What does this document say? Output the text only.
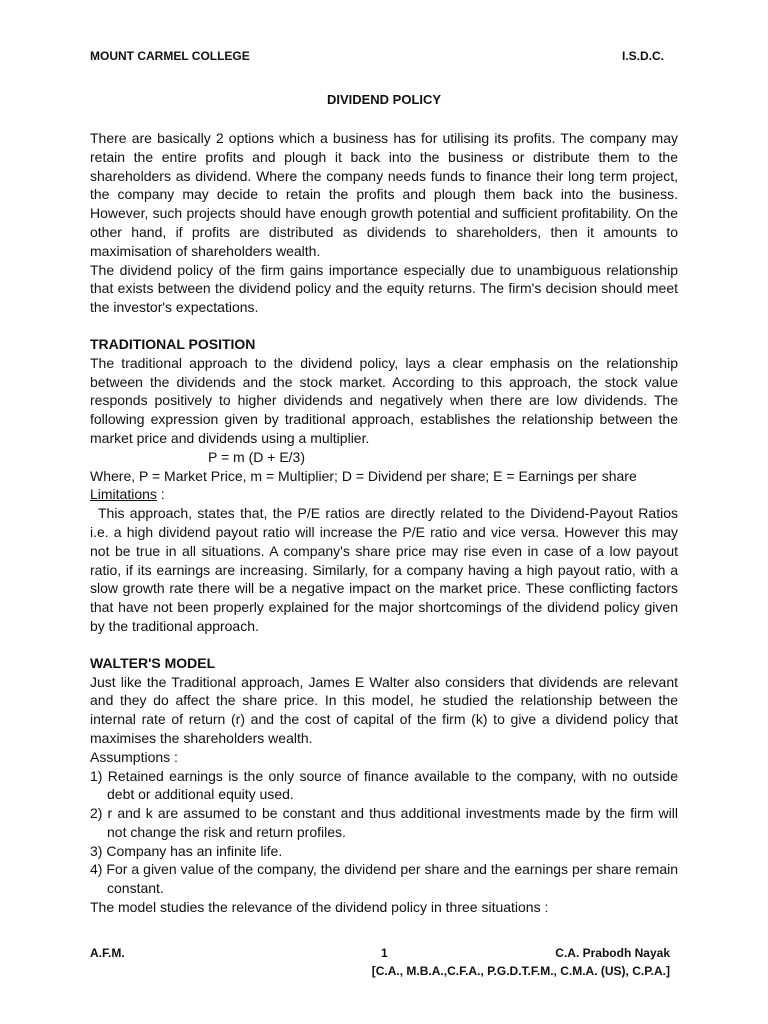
MOUNT CARMEL COLLEGE	I.S.D.C.
DIVIDEND POLICY

There are basically 2 options which a business has for utilising its profits. The company may retain the entire profits and plough it back into the business or distribute them to the shareholders as dividend. Where the company needs funds to finance their long term project, the company may decide to retain the profits and plough them back into the business. However, such projects should have enough growth potential and sufficient profitability. On the other hand, if profits are distributed as dividends to shareholders, then it amounts to maximisation of shareholders wealth.

The dividend policy of the firm gains importance especially due to unambiguous relationship that exists between the dividend policy and the equity returns. The firm's decision should meet the investor's expectations.

TRADITIONAL POSITION

The traditional approach to the dividend policy, lays a clear emphasis on the relationship between the dividends and the stock market. According to this approach, the stock value responds positively to higher dividends and negatively when there are low dividends. The following expression given by traditional approach, establishes the relationship between the market price and dividends using a multiplier.

P = m (D + E/3)

Where, P = Market Price, m = Multiplier; D = Dividend per share; E = Earnings per share

Limitations :

This approach, states that, the P/E ratios are directly related to the Dividend-Payout Ratios i.e. a high dividend payout ratio will increase the P/E ratio and vice versa. However this may not be true in all situations. A company's share price may rise even in case of a low payout ratio, if its earnings are increasing. Similarly, for a company having a high payout ratio, with a slow growth rate there will be a negative impact on the market price. These conflicting factors that have not been properly explained for the major shortcomings of the dividend policy given by the traditional approach.

WALTER'S MODEL

Just like the Traditional approach, James E Walter also considers that dividends are relevant and they do affect the share price. In this model, he studied the relationship between the internal rate of return (r) and the cost of capital of the firm (k) to give a dividend policy that maximises the shareholders wealth.

Assumptions :

1) Retained earnings is the only source of finance available to the company, with no outside debt or additional equity used.
2) r and k are assumed to be constant and thus additional investments made by the firm will not change the risk and return profiles.
3) Company has an infinite life.
4) For a given value of the company, the dividend per share and the earnings per share remain constant.

The model studies the relevance of the dividend policy in three situations :

A.F.M.	1	C.A. Prabodh Nayak
[C.A., M.B.A.,C.F.A., P.G.D.T.F.M., C.M.A. (US), C.P.A.]
